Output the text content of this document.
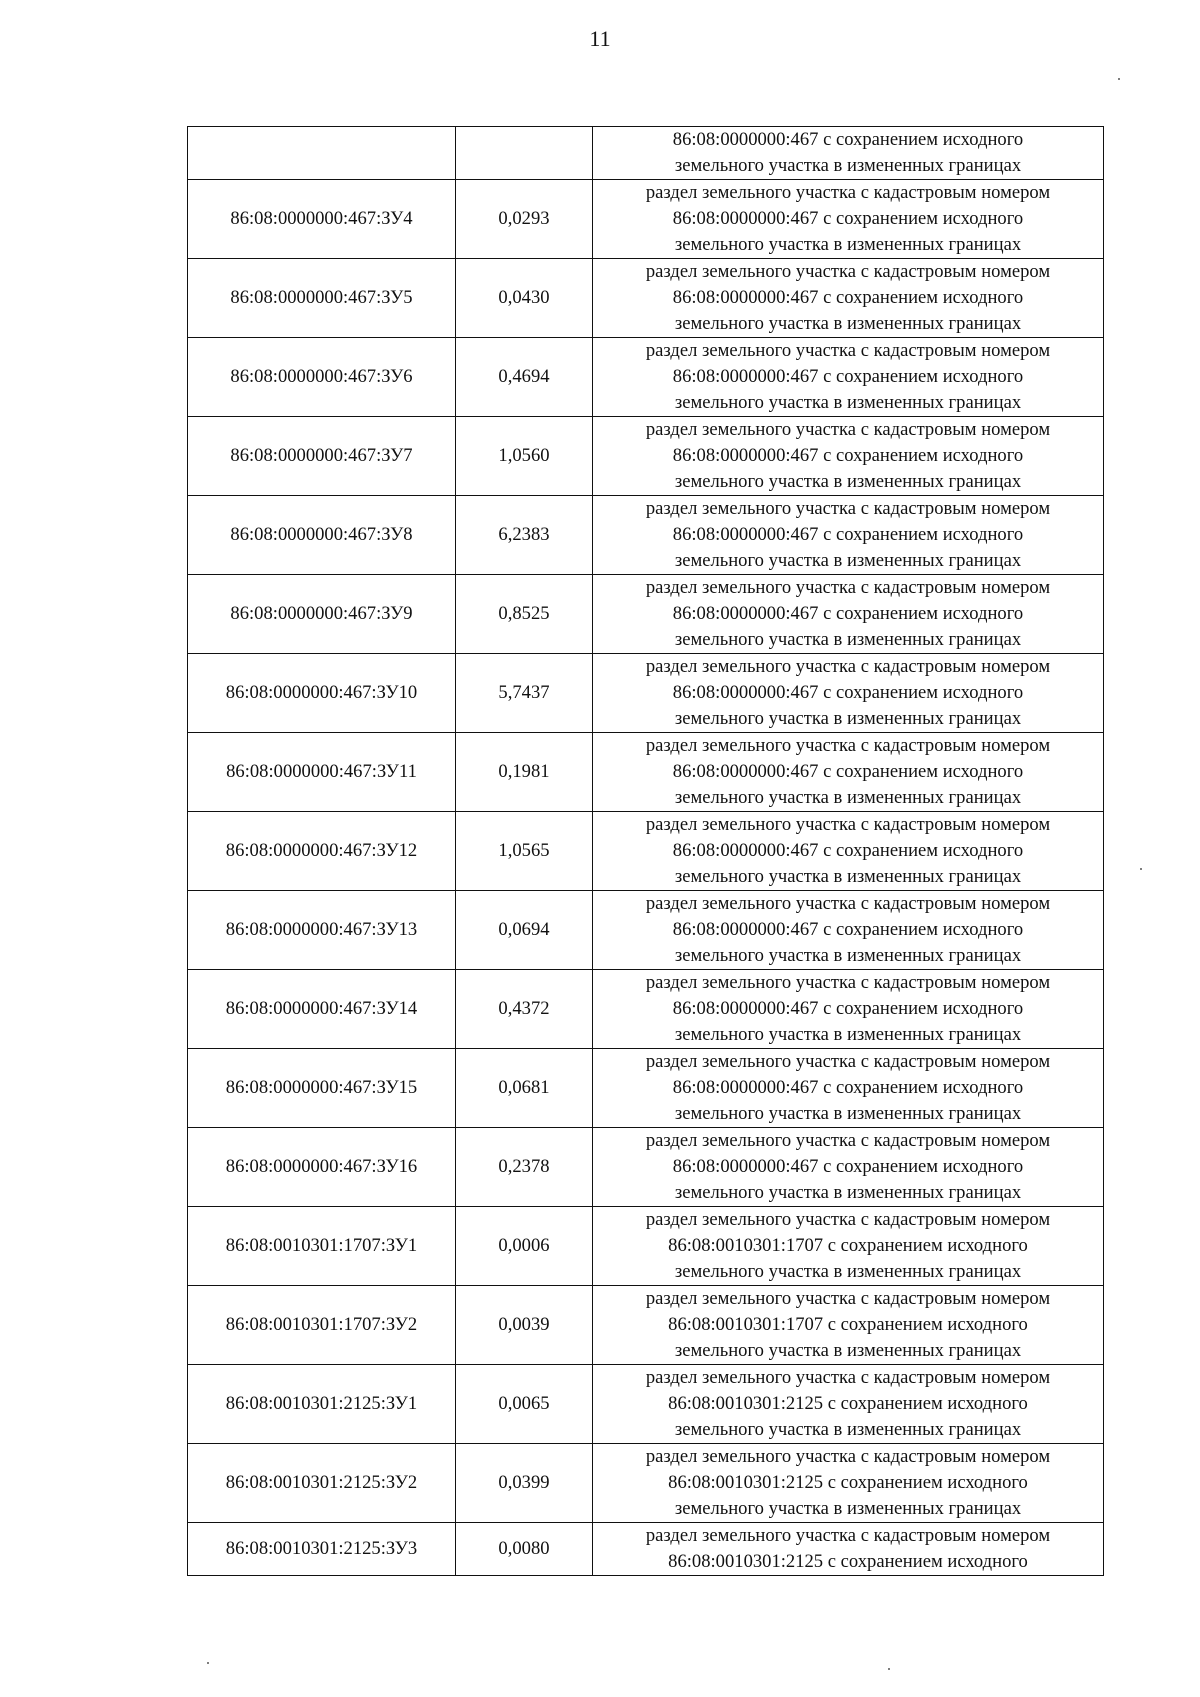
11

		86:08:0000000:467 с сохранением исходного
земельного участка в измененных границах

86:08:0000000:467:ЗУ4	0,0293	раздел земельного участка с кадастровым номером
86:08:0000000:467 с сохранением исходного
земельного участка в измененных границах

86:08:0000000:467:ЗУ5	0,0430	раздел земельного участка с кадастровым номером
86:08:0000000:467 с сохранением исходного
земельного участка в измененных границах

86:08:0000000:467:ЗУ6	0,4694	раздел земельного участка с кадастровым номером
86:08:0000000:467 с сохранением исходного
земельного участка в измененных границах

86:08:0000000:467:ЗУ7	1,0560	раздел земельного участка с кадастровым номером
86:08:0000000:467 с сохранением исходного
земельного участка в измененных границах

86:08:0000000:467:ЗУ8	6,2383	раздел земельного участка с кадастровым номером
86:08:0000000:467 с сохранением исходного
земельного участка в измененных границах

86:08:0000000:467:ЗУ9	0,8525	раздел земельного участка с кадастровым номером
86:08:0000000:467 с сохранением исходного
земельного участка в измененных границах

86:08:0000000:467:ЗУ10	5,7437	раздел земельного участка с кадастровым номером
86:08:0000000:467 с сохранением исходного
земельного участка в измененных границах

86:08:0000000:467:ЗУ11	0,1981	раздел земельного участка с кадастровым номером
86:08:0000000:467 с сохранением исходного
земельного участка в измененных границах

86:08:0000000:467:ЗУ12	1,0565	раздел земельного участка с кадастровым номером
86:08:0000000:467 с сохранением исходного
земельного участка в измененных границах

86:08:0000000:467:ЗУ13	0,0694	раздел земельного участка с кадастровым номером
86:08:0000000:467 с сохранением исходного
земельного участка в измененных границах

86:08:0000000:467:ЗУ14	0,4372	раздел земельного участка с кадастровым номером
86:08:0000000:467 с сохранением исходного
земельного участка в измененных границах

86:08:0000000:467:ЗУ15	0,0681	раздел земельного участка с кадастровым номером
86:08:0000000:467 с сохранением исходного
земельного участка в измененных границах

86:08:0000000:467:ЗУ16	0,2378	раздел земельного участка с кадастровым номером
86:08:0000000:467 с сохранением исходного
земельного участка в измененных границах

86:08:0010301:1707:ЗУ1	0,0006	раздел земельного участка с кадастровым номером
86:08:0010301:1707 с сохранением исходного
земельного участка в измененных границах

86:08:0010301:1707:ЗУ2	0,0039	раздел земельного участка с кадастровым номером
86:08:0010301:1707 с сохранением исходного
земельного участка в измененных границах

86:08:0010301:2125:ЗУ1	0,0065	раздел земельного участка с кадастровым номером
86:08:0010301:2125 с сохранением исходного
земельного участка в измененных границах

86:08:0010301:2125:ЗУ2	0,0399	раздел земельного участка с кадастровым номером
86:08:0010301:2125 с сохранением исходного
земельного участка в измененных границах

86:08:0010301:2125:ЗУ3	0,0080	раздел земельного участка с кадастровым номером
86:08:0010301:2125 с сохранением исходного
